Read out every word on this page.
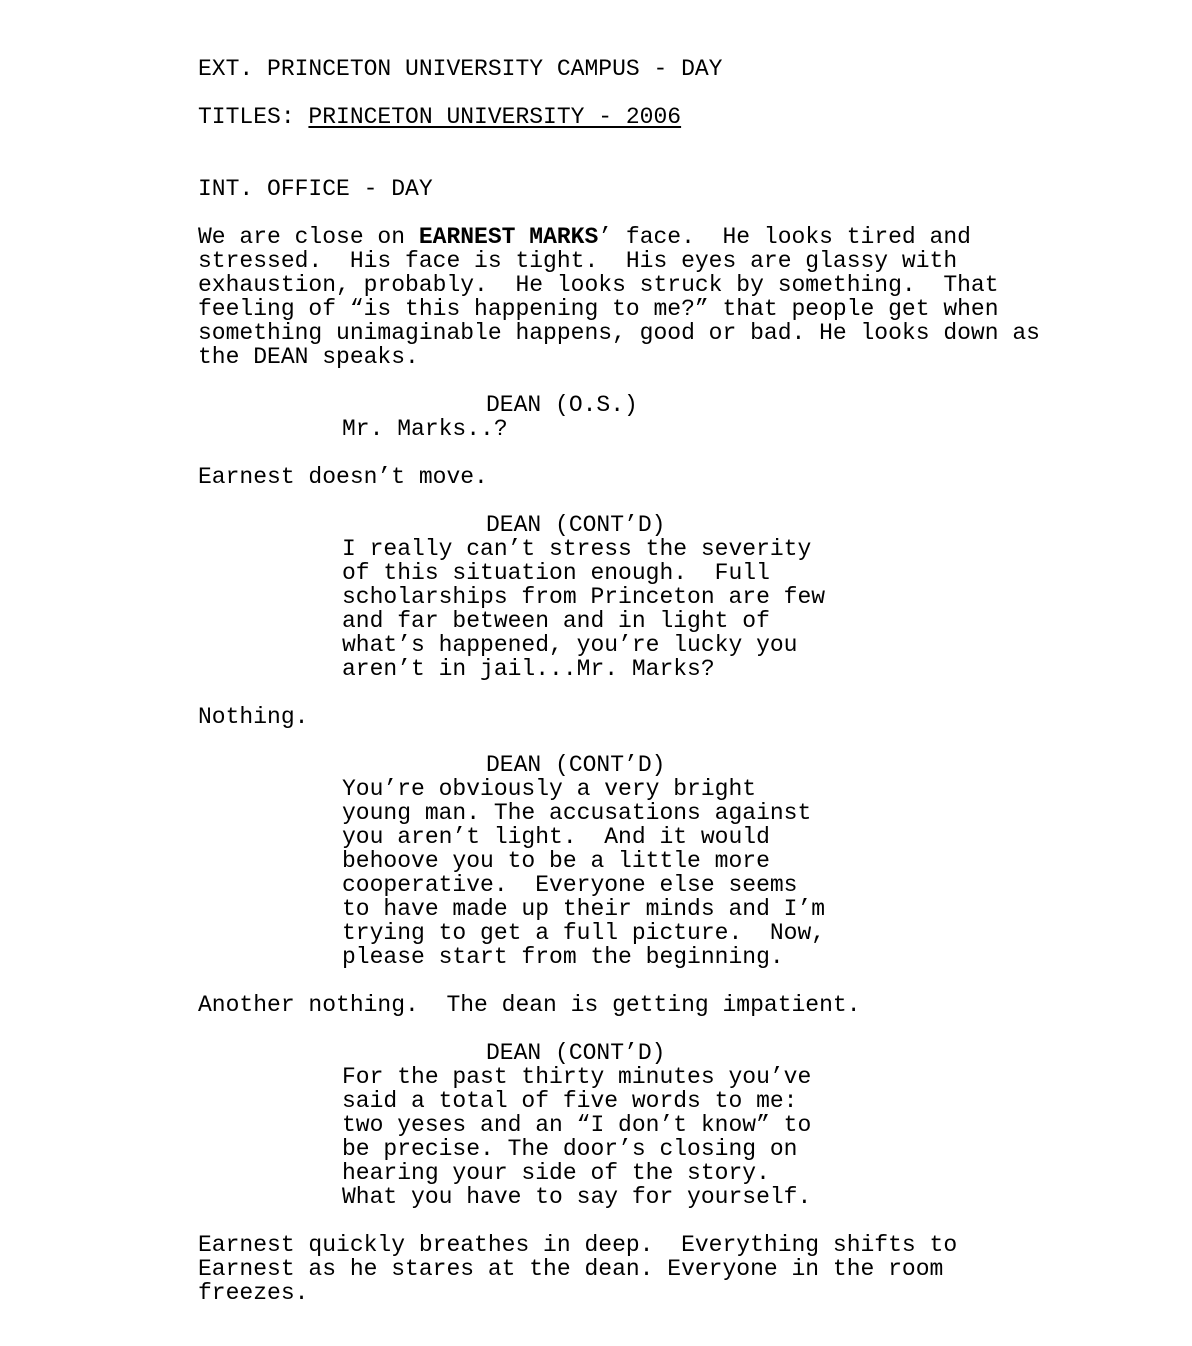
EXT. PRINCETON UNIVERSITY CAMPUS - DAY
TITLES: PRINCETON UNIVERSITY - 2006
INT. OFFICE - DAY
We are close on EARNEST MARKS’ face.  He looks tired and
stressed.  His face is tight.  His eyes are glassy with
exhaustion, probably.  He looks struck by something.  That
feeling of “is this happening to me?” that people get when
something unimaginable happens, good or bad. He looks down as
the DEAN speaks.
DEAN (O.S.)
Mr. Marks..?
Earnest doesn’t move.
DEAN (CONT’D)
I really can’t stress the severity
of this situation enough.  Full
scholarships from Princeton are few
and far between and in light of
what’s happened, you’re lucky you
aren’t in jail...Mr. Marks?
Nothing.
DEAN (CONT’D)
You’re obviously a very bright
young man. The accusations against
you aren’t light.  And it would
behoove you to be a little more
cooperative.  Everyone else seems
to have made up their minds and I’m
trying to get a full picture.  Now,
please start from the beginning.
Another nothing.  The dean is getting impatient.
DEAN (CONT’D)
For the past thirty minutes you’ve
said a total of five words to me:
two yeses and an “I don’t know” to
be precise. The door’s closing on
hearing your side of the story.
What you have to say for yourself.
Earnest quickly breathes in deep.  Everything shifts to
Earnest as he stares at the dean. Everyone in the room
freezes.
